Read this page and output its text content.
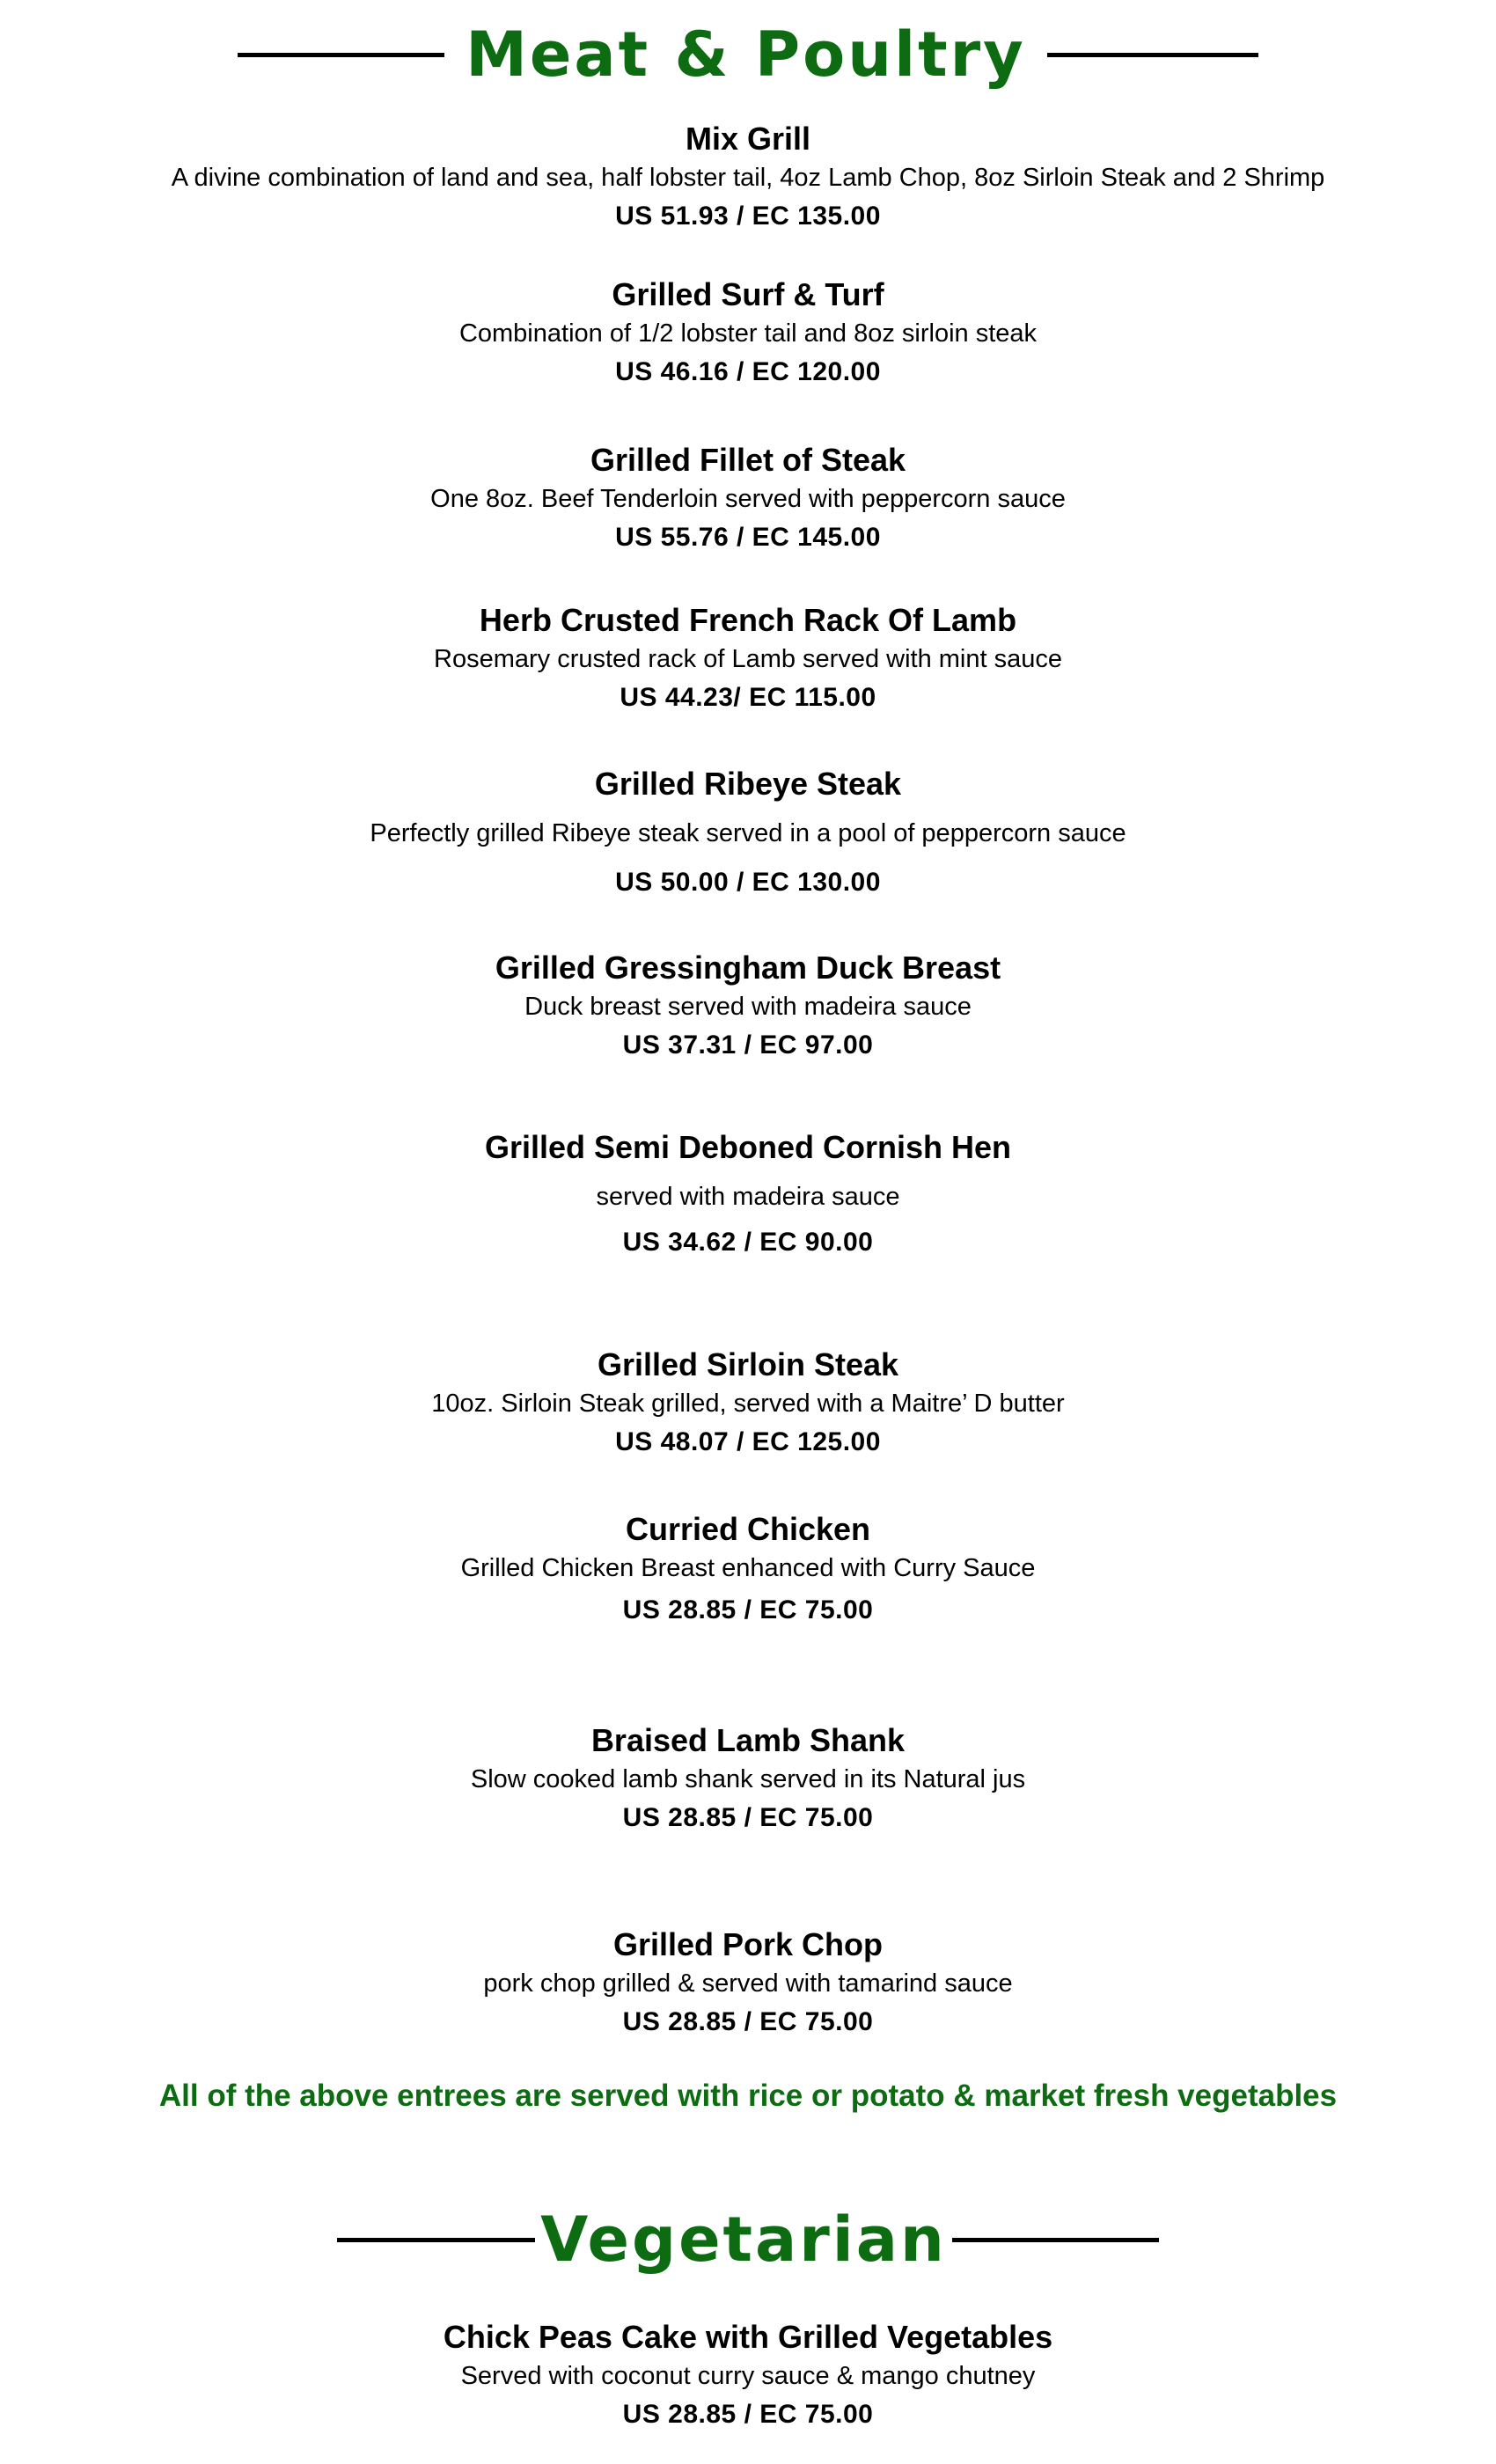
Meat & Poultry
Mix Grill
A divine combination of land and sea, half lobster tail, 4oz Lamb Chop, 8oz Sirloin Steak and 2 Shrimp
US 51.93 / EC 135.00
Grilled Surf & Turf
Combination of 1/2 lobster tail and 8oz sirloin steak
US 46.16 / EC 120.00
Grilled Fillet of Steak
One 8oz. Beef Tenderloin served with peppercorn sauce
US 55.76 / EC 145.00
Herb Crusted French Rack Of Lamb
Rosemary crusted rack of Lamb served with mint sauce
US 44.23/ EC 115.00
Grilled Ribeye Steak
Perfectly grilled Ribeye steak served in a pool of peppercorn sauce
US 50.00 / EC 130.00
Grilled Gressingham Duck Breast
Duck breast served with madeira sauce
US 37.31 / EC 97.00
Grilled Semi Deboned Cornish Hen
served with madeira sauce
US 34.62 / EC 90.00
Grilled Sirloin Steak
10oz. Sirloin Steak grilled, served with a Maitre’ D butter
US 48.07 / EC 125.00
Curried Chicken
Grilled Chicken Breast enhanced with Curry Sauce
US 28.85 / EC 75.00
Braised Lamb Shank
Slow cooked lamb shank served in its Natural jus
US 28.85 / EC 75.00
Grilled Pork Chop
pork chop grilled & served with tamarind sauce
US 28.85 / EC 75.00
All of the above entrees are served with rice or potato & market fresh vegetables
Vegetarian
Chick Peas Cake with Grilled Vegetables
Served with coconut curry sauce & mango chutney
US 28.85 / EC 75.00
